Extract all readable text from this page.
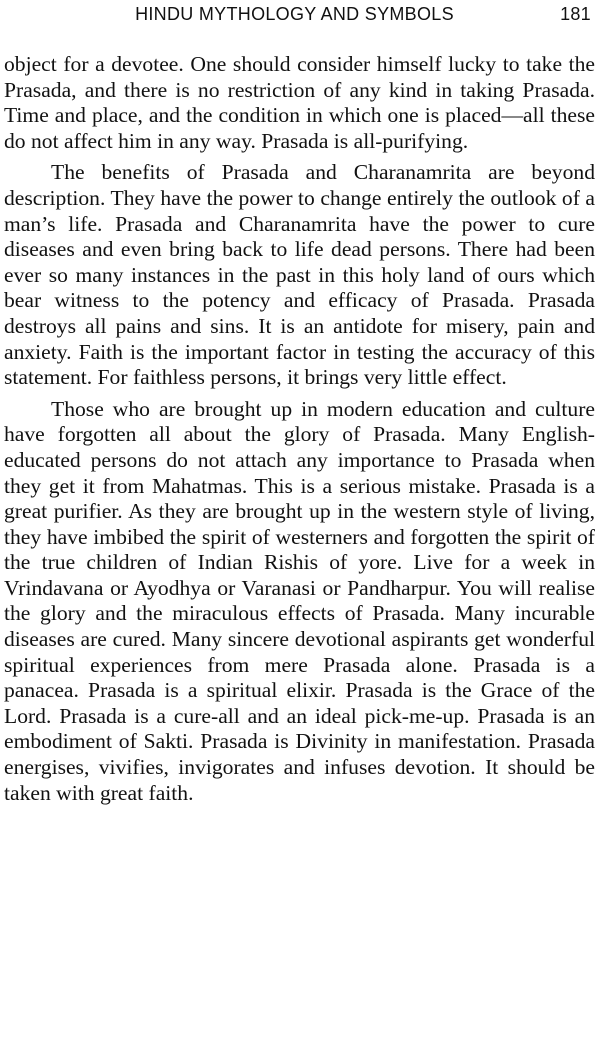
HINDU MYTHOLOGY AND SYMBOLS	181

object for a devotee. One should consider himself lucky to take the Prasada, and there is no restriction of any kind in taking Prasada. Time and place, and the condition in which one is placed—all these do not affect him in any way. Prasada is all-purifying.

The benefits of Prasada and Charanamrita are beyond description. They have the power to change entirely the outlook of a man’s life. Prasada and Charanamrita have the power to cure diseases and even bring back to life dead persons. There had been ever so many instances in the past in this holy land of ours which bear witness to the potency and efficacy of Prasada. Prasada destroys all pains and sins. It is an antidote for misery, pain and anxiety. Faith is the important factor in testing the accuracy of this statement. For faithless persons, it brings very little effect.

Those who are brought up in modern education and culture have forgotten all about the glory of Prasada. Many English-educated persons do not attach any importance to Prasada when they get it from Mahatmas. This is a serious mistake. Prasada is a great purifier. As they are brought up in the western style of living, they have imbibed the spirit of westerners and forgotten the spirit of the true children of Indian Rishis of yore. Live for a week in Vrindavana or Ayodhya or Varanasi or Pandharpur. You will realise the glory and the miraculous effects of Prasada. Many incurable diseases are cured. Many sincere devotional aspirants get wonderful spiritual experiences from mere Prasada alone. Prasada is a panacea. Prasada is a spiritual elixir. Prasada is the Grace of the Lord. Prasada is a cure-all and an ideal pick-me-up. Prasada is an embodiment of Sakti. Prasada is Divinity in manifestation. Prasada energises, vivifies, invigorates and infuses devotion. It should be taken with great faith.
